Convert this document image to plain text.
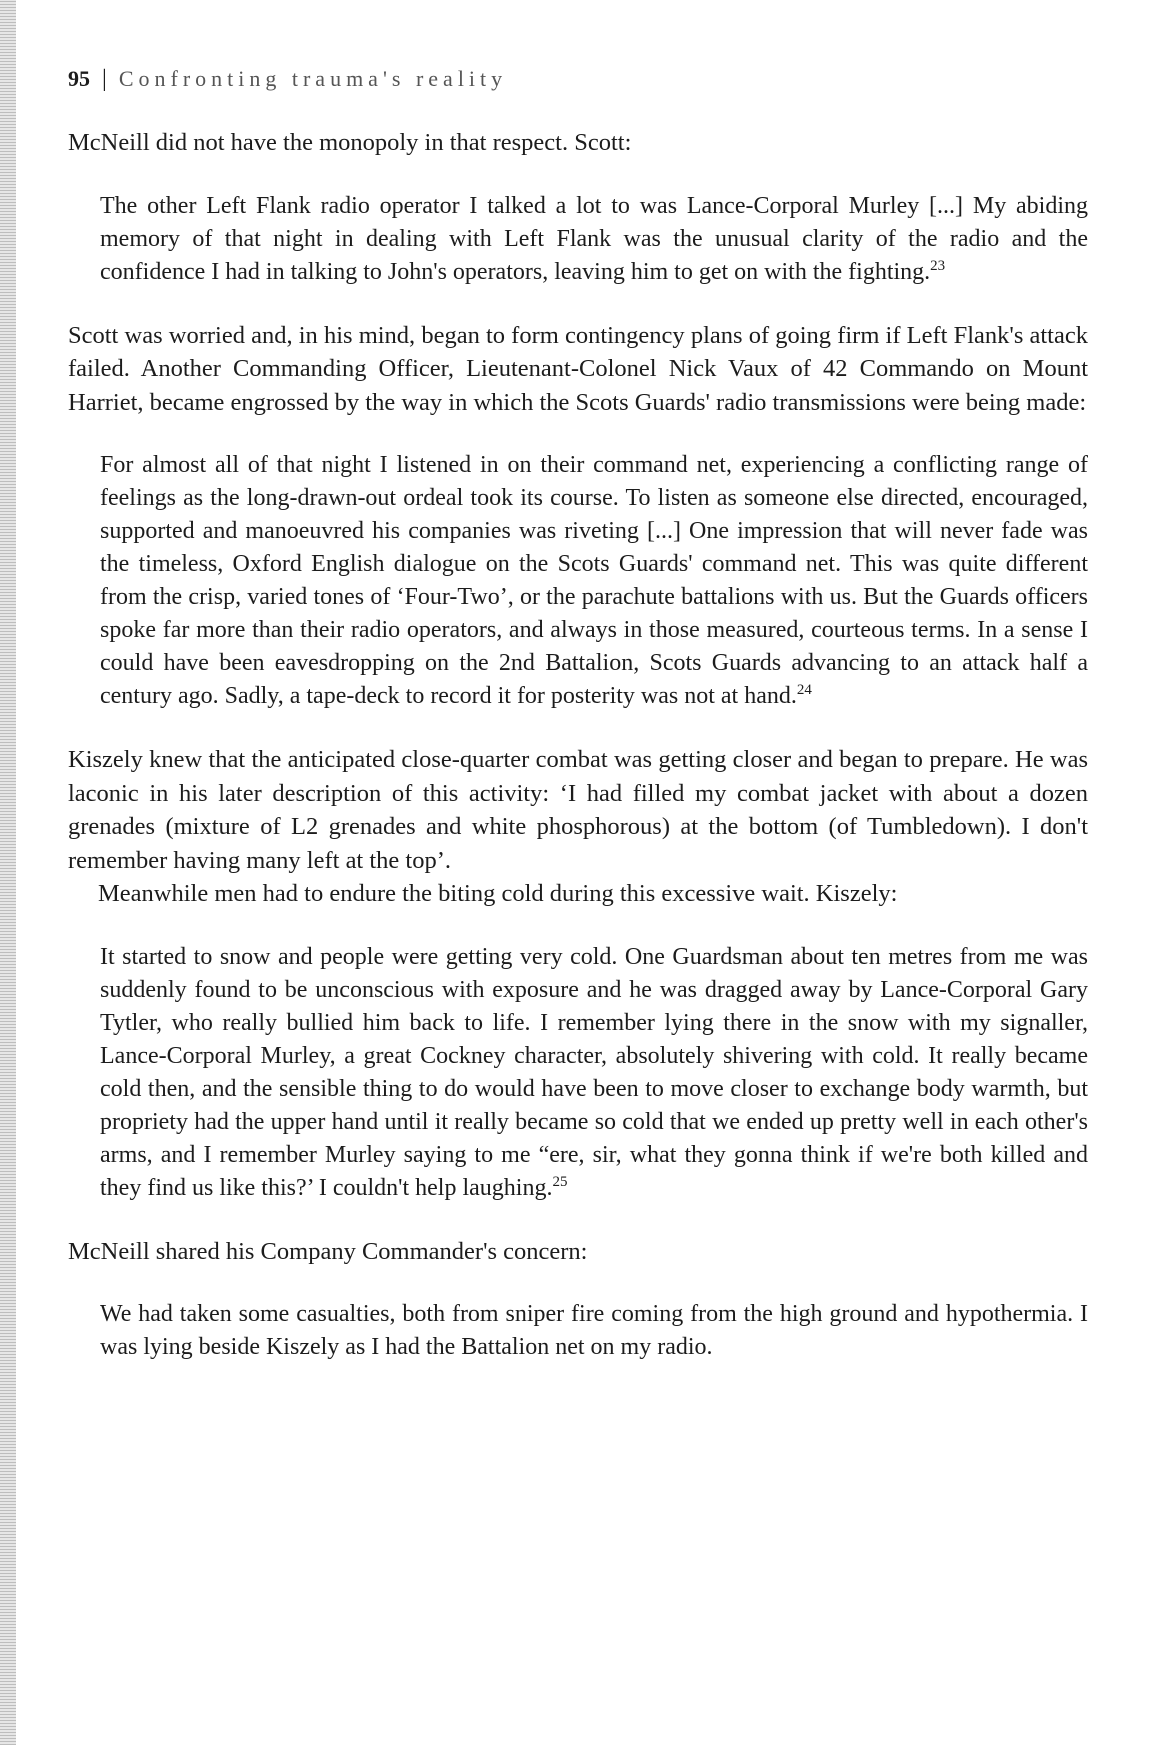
95 | Confronting trauma's reality

McNeill did not have the monopoly in that respect. Scott:

The other Left Flank radio operator I talked a lot to was Lance-Corporal Murley [...] My abiding memory of that night in dealing with Left Flank was the unusual clarity of the radio and the confidence I had in talking to John's operators, leaving him to get on with the fighting.$^{23}$

Scott was worried and, in his mind, began to form contingency plans of going firm if Left Flank's attack failed. Another Commanding Officer, Lieutenant-Colonel Nick Vaux of 42 Commando on Mount Harriet, became engrossed by the way in which the Scots Guards' radio transmissions were being made:

For almost all of that night I listened in on their command net, experiencing a conflicting range of feelings as the long-drawn-out ordeal took its course. To listen as someone else directed, encouraged, supported and manoeuvred his companies was riveting [...] One impression that will never fade was the timeless, Oxford English dialogue on the Scots Guards' command net. This was quite different from the crisp, varied tones of ‘Four-Two’, or the parachute battalions with us. But the Guards officers spoke far more than their radio operators, and always in those measured, courteous terms. In a sense I could have been eavesdropping on the 2nd Battalion, Scots Guards advancing to an attack half a century ago. Sadly, a tape-deck to record it for posterity was not at hand.$^{24}$

Kiszely knew that the anticipated close-quarter combat was getting closer and began to prepare. He was laconic in his later description of this activity: ‘I had filled my combat jacket with about a dozen grenades (mixture of L2 grenades and white phosphorous) at the bottom (of Tumbledown). I don't remember having many left at the top’.

Meanwhile men had to endure the biting cold during this excessive wait. Kiszely:

It started to snow and people were getting very cold. One Guardsman about ten metres from me was suddenly found to be unconscious with exposure and he was dragged away by Lance-Corporal Gary Tytler, who really bullied him back to life. I remember lying there in the snow with my signaller, Lance-Corporal Murley, a great Cockney character, absolutely shivering with cold. It really became cold then, and the sensible thing to do would have been to move closer to exchange body warmth, but propriety had the upper hand until it really became so cold that we ended up pretty well in each other's arms, and I remember Murley saying to me “ere, sir, what they gonna think if we're both killed and they find us like this?’ I couldn't help laughing.$^{25}$

McNeill shared his Company Commander's concern:

We had taken some casualties, both from sniper fire coming from the high ground and hypothermia. I was lying beside Kiszely as I had the Battalion net on my radio.
